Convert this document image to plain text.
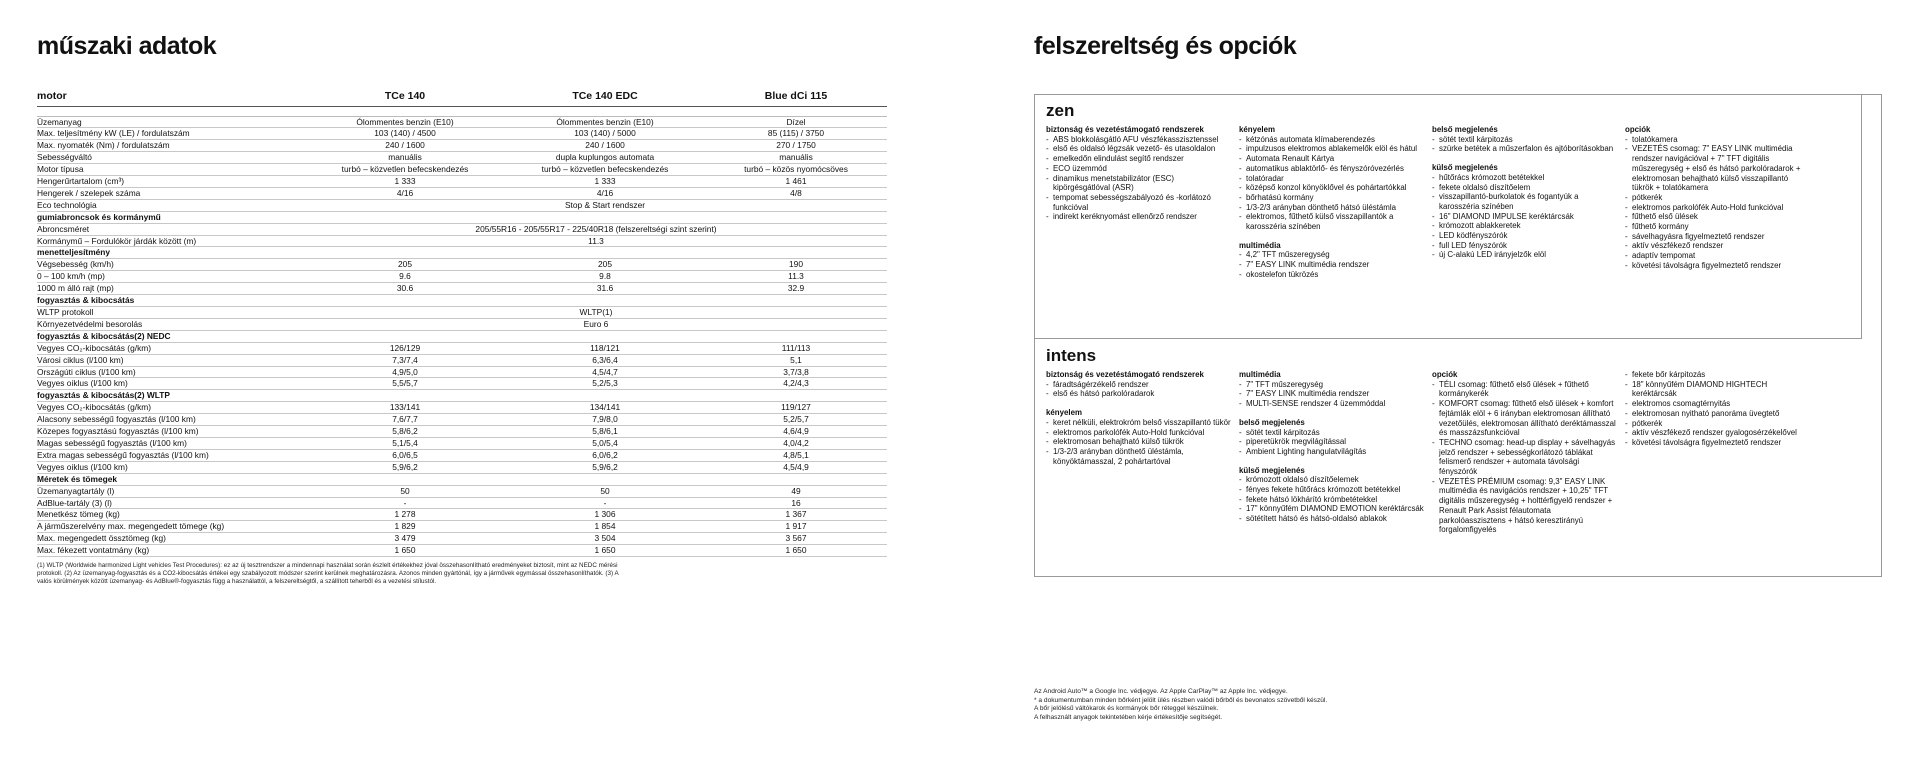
műszaki adatok
motor	TCe 140	TCe 140 EDC	Blue dCi 115

Üzemanyag	Ólommentes benzin (E10)	Ólommentes benzin (E10)	Dízel
Max. teljesítmény kW (LE) / fordulatszám	103 (140) / 4500	103 (140) / 5000	85 (115) / 3750
Max. nyomaték (Nm) / fordulatszám	240 / 1600	240 / 1600	270 / 1750
Sebességváltó	manuális	dupla kuplungos automata	manuális
Motor típusa	turbó – közvetlen befecskendezés	turbó – közvetlen befecskendezés	turbó – közös nyomócsöves
Hengerűrtartalom (cm³)	1 333	1 333	1 461
Hengerek / szelepek száma	4/16	4/16	4/8
Eco technológia		Stop & Start rendszer	
gumiabroncsok és kormánymű			
Abroncsméret	205/55R16 - 205/55R17 - 225/40R18 (felszereltségi szint szerint)		
Kormánymű – Fordulókör járdák között (m)	11.3		
menetteljesítmény			
Végsebesség (km/h)	205	205	190
0 – 100 km/h (mp)	9.6	9.8	11.3
1000 m álló rajt (mp)	30.6	31.6	32.9
fogyasztás & kibocsátás			
WLTP protokoll	WLTP(1)		
Környezetvédelmi besorolás	Euro 6		
fogyasztás & kibocsátás(2) NEDC			
Vegyes CO₂-kibocsátás (g/km)	126/129	118/121	111/113
Városi ciklus (l/100 km)	7,3/7,4	6,3/6,4	5,1
Országúti ciklus (l/100 km)	4,9/5,0	4,5/4,7	3,7/3,8
Vegyes oiklus (l/100 km)	5,5/5,7	5,2/5,3	4,2/4,3
fogyasztás & kibocsátás(2) WLTP			
Vegyes CO₂-kibocsátás (g/km)	133/141	134/141	119/127
Alacsony sebességű fogyasztás (l/100 km)	7,6/7,7	7,9/8,0	5,2/5,7
Közepes fogyasztású fogyasztás (l/100 km)	5,8/6,2	5,8/6,1	4,6/4,9
Magas sebességű fogyasztás (l/100 km)	5,1/5,4	5,0/5,4	4,0/4,2
Extra magas sebességű fogyasztás (l/100 km)	6,0/6,5	6,0/6,2	4,8/5,1
Vegyes oiklus (l/100 km)	5,9/6,2	5,9/6,2	4,5/4,9
Méretek és tömegek			
Üzemanyagtartály (l)	50	50	49
AdBlue-tartály (3) (l)	-	-	16
Menetkész tömeg (kg)	1 278	1 306	1 367
A járműszerelvény max. megengedett tömege (kg)	1 829	1 854	1 917
Max. megengedett össztömeg (kg)	3 479	3 504	3 567
Max. fékezett vontatmány (kg)	1 650	1 650	1 650

(1) WLTP (Worldwide harmonized Light vehicles Test Procedures): ez az új tesztrendszer a mindennapi használat során észlelt értékekhez jóval összehasonlítható eredményeket biztosít, mint az NEDC mérési protokoll. (2) Az üzemanyag-fogyasztás és a CO2-kibocsátás értékei egy szabályozott módszer szerint kerülnek meghatározásra. Azonos minden gyártónál, így a járművek egymással összehasonlíthatók. (3) A valós körülmények között üzemanyag- és AdBlue®-fogyasztás függ a használattól, a felszereltségtől, a szállított teherből és a vezetési stílustól.

felszereltség és opciók
zen
biztonság és vezetéstámogató rendszerek
- ABS blokkolásgátló AFU vészfékasszisztenssel
- első és oldalsó légzsák vezető- és utasoldalon
- emelkedőn elindulást segítő rendszer
- ECO üzemmód
- dinamikus menetstabilizátor (ESC) kipörgésgátlóval (ASR)
- tempomat sebességszabályozó és -korlátozó funkcióval
- indirekt keréknyomást ellenőrző rendszer
kényelem
- kétzónás automata klímaberendezés
- impulzusos elektromos ablakemelők elöl és hátul
- Automata Renault Kártya
- automatikus ablaktörlő- és fényszóróvezérlés
- tolatóradar
- középső konzol könyöklővel és pohártartókkal
- bőrhatású kormány
- 1/3-2/3 arányban dönthető hátsó üléstámla
- elektromos, fűthető külső visszapillantók a karosszéria színében
multimédia
- 4,2" TFT műszeregység
- 7" EASY LINK multimédia rendszer
- okostelefon tükrözés
belső megjelenés
- sötét textil kárpitozás
- szürke betétek a műszerfalon és ajtóborításokban
külső megjelenés
- hűtőrács krómozott betétekkel
- fekete oldalsó díszítőelem
- visszapillantó-burkolatok és fogantyúk a karosszéria színében
- 16" DIAMOND IMPULSE keréktárcsák
- krómozott ablakkeretek
- LED ködfényszórók
- full LED fényszórók
- új C-alakú LED irányjelzők elöl
opciók
- tolatókamera
- VEZETÉS csomag: 7" EASY LINK multimédia rendszer navigációval + 7" TFT digitális műszeregység + első és hátsó parkolóradarok + elektromosan behajtható külső visszapillantó tükrök + tolatókamera
- pótkerék
- elektromos parkolófék Auto-Hold funkcióval
- fűthető első ülések
- fűthető kormány
- sávelhagyásra figyelmeztető rendszer
- aktív vészfékező rendszer
- adaptív tempomat
- követési távolságra figyelmeztető rendszer
intens
biztonság és vezetéstámogató rendszerek
- fáradtságérzékelő rendszer
- első és hátsó parkolóradarok
kényelem
- keret nélküli, elektrokróm belső visszapillantó tükör
- elektromos parkolófék Auto-Hold funkcióval
- elektromosan behajtható külső tükrök
- 1/3-2/3 arányban dönthető üléstámla, könyöktámasszal, 2 pohártartóval
multimédia
- 7" TFT műszeregység
- 7" EASY LINK multimédia rendszer
- MULTI-SENSE rendszer 4 üzemmóddal
belső megjelenés
- sötét textil kárpitozás
- piperetükrök megvilágítással
- Ambient Lighting hangulatvilágítás
külső megjelenés
- krómozott oldalsó díszítőelemek
- fényes fekete hűtőrács krómozott betétekkel
- fekete hátsó lökhárító krómbetétekkel
- 17" könnyűfém DIAMOND EMOTION keréktárcsák
- sötétített hátsó és hátsó-oldalsó ablakok
opciók
- TÉLI csomag: fűthető első ülések + fűthető kormánykerék
- KOMFORT csomag: fűthető első ülések + komfort fejtámlák elöl + 6 irányban elektromosan állítható vezetőülés, elektromosan állítható deréktámasszal és masszázsfunkcióval
- TECHNO csomag: head-up display + sávelhagyás jelző rendszer + sebességkorlátozó táblákat felismerő rendszer + automata távolsági fényszórók
- VEZETÉS PRÉMIUM csomag: 9,3" EASY LINK multimédia és navigációs rendszer + 10,25" TFT digitális műszeregység + holttérfigyelő rendszer + Renault Park Assist félautomata parkolóasszisztens + hátsó keresztirányú forgalomfigyelés
- fekete bőr kárpitozás
- 18" könnyűfém DIAMOND HIGHTECH keréktárcsák
- elektromos csomagtérnyitás
- elektromosan nyitható panoráma üvegtető
- pótkerék
- aktív vészfékező rendszer gyalogosérzékelővel
- követési távolságra figyelmeztető rendszer
Az Android Auto™ a Google Inc. védjegye. Az Apple CarPlay™ az Apple Inc. védjegye.
* a dokumentumban minden bőrként jelölt ülés részben valódi bőrből és bevonatos szövetből készül.
A bőr jelölésű váltókarok és kormányok bőr réteggel készülnek.
A felhasznált anyagok tekintetében kérje értékesítője segítségét.
